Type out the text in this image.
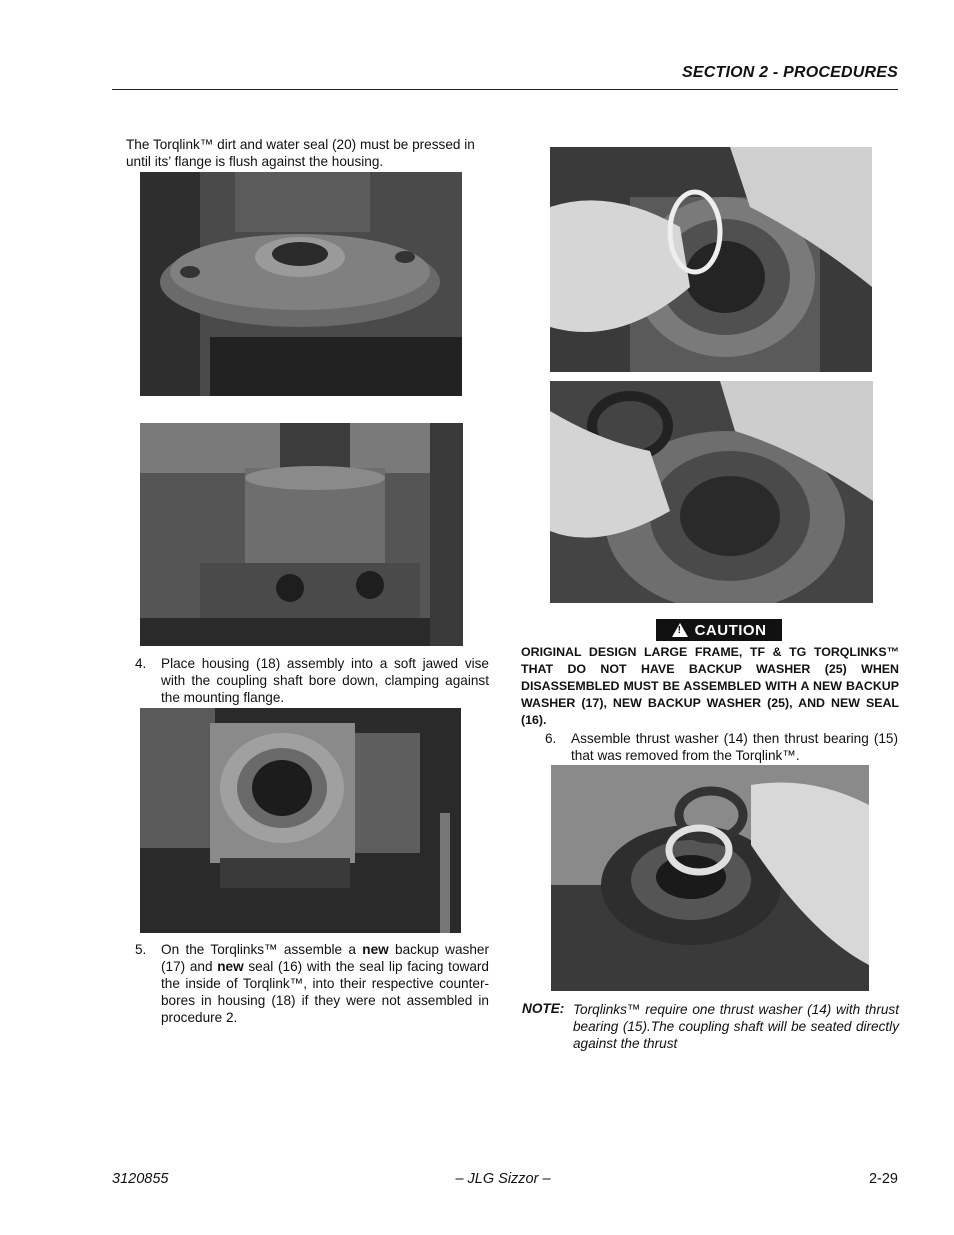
SECTION 2 - PROCEDURES
The Torqlink™ dirt and water seal (20) must be pressed in until its’ flange is flush against the housing.
4. Place housing (18) assembly into a soft jawed vise with the coupling shaft bore down, clamping against the mounting flange.
5. On the Torqlinks™ assemble a new backup washer (17) and new seal (16) with the seal lip facing toward the inside of Torqlink™, into their respective counter-bores in housing (18) if they were not assembled in procedure 2.
! CAUTION
ORIGINAL DESIGN LARGE FRAME, TF & TG TORQLINKS™ THAT DO NOT HAVE BACKUP WASHER (25) WHEN DISASSEMBLED MUST BE ASSEMBLED WITH A NEW BACKUP WASHER (17), NEW BACKUP WASHER (25), AND NEW SEAL (16).
6. Assemble thrust washer (14) then thrust bearing (15) that was removed from the Torqlink™.
NOTE: Torqlinks™ require one thrust washer (14) with thrust bearing (15).The coupling shaft will be seated directly against the thrust
3120855	– JLG Sizzor –	2-29
